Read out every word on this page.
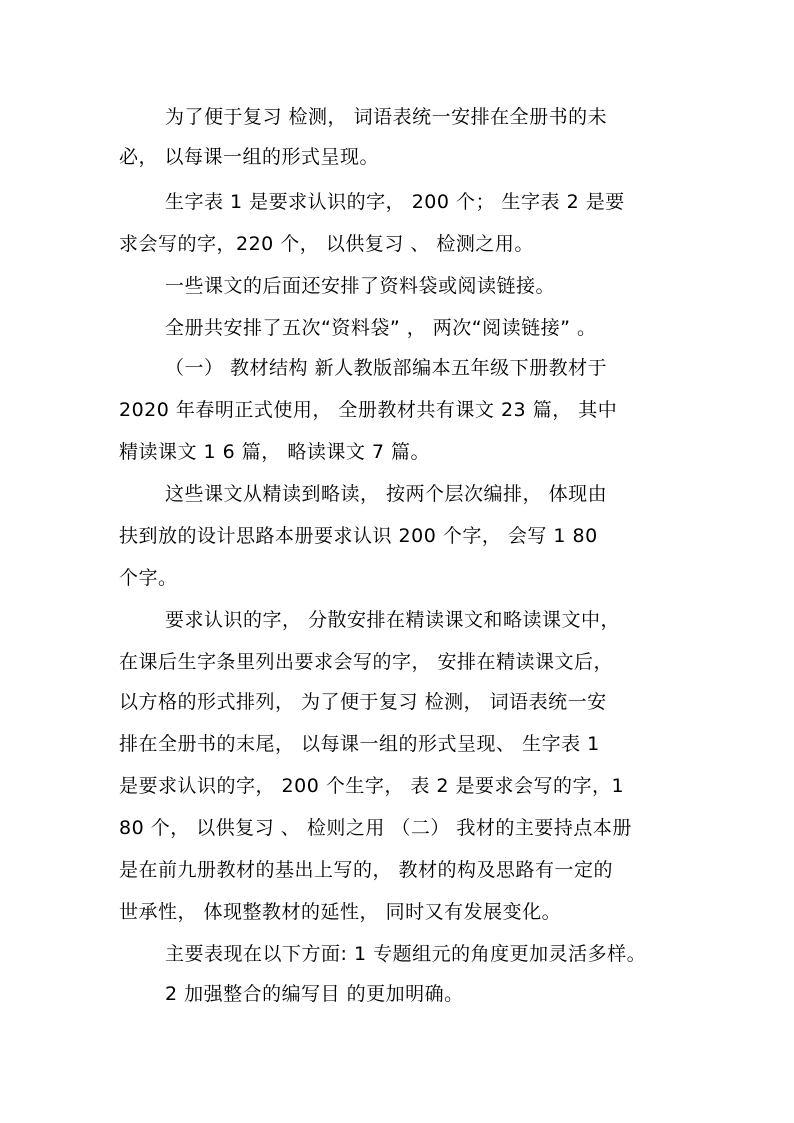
为了便于复习 检测， 词语表统一安排在全册书的未
必， 以每课一组的形式呈现。
生字表 1 是要求认识的字， 200 个； 生字表 2 是要
求会写的字，220 个， 以供复习 、 检测之用。
一些课文的后面还安排了资料袋或阅读链接。
全册共安排了五次“资料袋” ， 两次“阅读链接” 。
（一） 教材结构 新人教版部编本五年级下册教材于
2020 年春明正式使用， 全册教材共有课文 23 篇， 其中
精读课文 1 6 篇， 略读课文 7 篇。
这些课文从精读到略读， 按两个层次编排， 体现由
扶到放的设计思路本册要求认识 200 个字， 会写 1 80
个字。
要求认识的字， 分散安排在精读课文和略读课文中，
在课后生字条里列出要求会写的字， 安排在精读课文后，
以方格的形式排列， 为了便于复习 检测， 词语表统一安
排在全册书的末尾， 以每课一组的形式呈现、 生字表 1
是要求认识的字， 200 个生字， 表 2 是要求会写的字，1
80 个， 以供复习 、 检则之用 （二） 我材的主要持点本册
是在前九册教材的基出上写的， 教材的构及思路有一定的
世承性， 体现整教材的延性， 同时又有发展变化。
主要表现在以下方面: 1 专题组元的角度更加灵活多样。
2 加强整合的编写目 的更加明确。
